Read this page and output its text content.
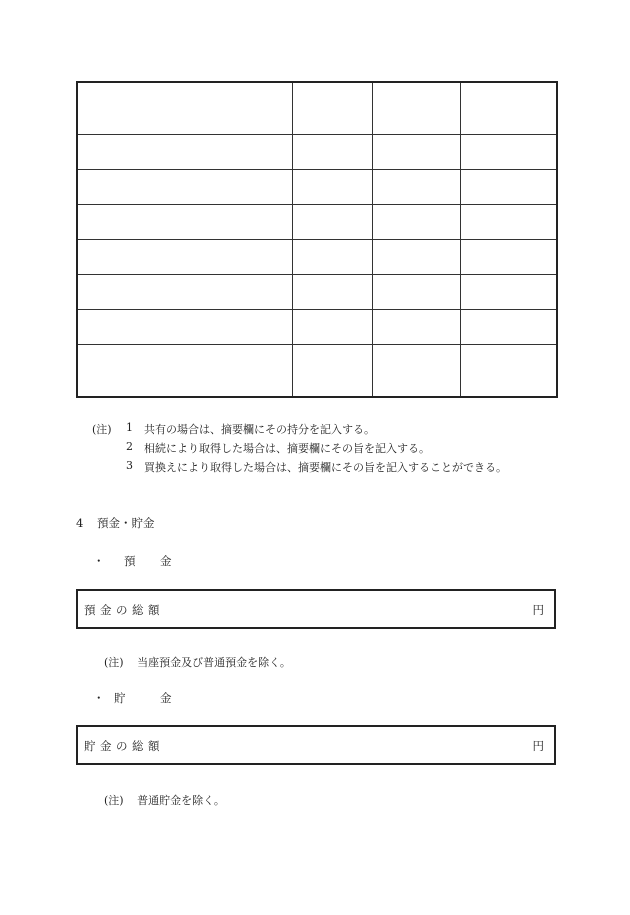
(注) 1 共有の場合は、摘要欄にその持分を記入する。
2 相続により取得した場合は、摘要欄にその旨を記入する。
3 買換えにより取得した場合は、摘要欄にその旨を記入することができる。
4 預金・貯金
・ 預 金
預金の総額	円
(注) 当座預金及び普通預金を除く。
・ 貯	金
貯金の総額	円
(注) 普通貯金を除く。
